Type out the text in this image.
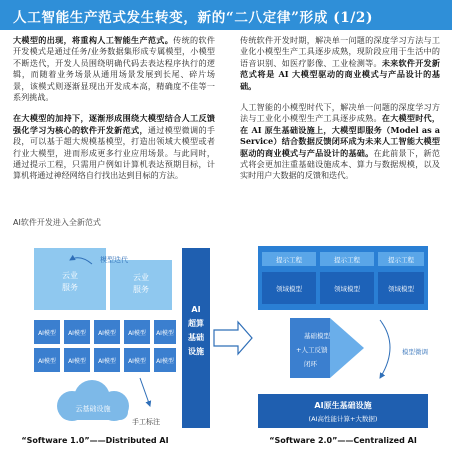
人工智能生产范式发生转变，新的“二八定律”形成 (1/2)

大模型的出现，将重构人工智能生产范式。传统的软件开发模式是通过任务/业务数据集形成专属模型，小模型不断迭代，开发人员围绕明确代码去表达程序执行的逻辑，而随着业务场景从通用场景发展到长尾、碎片场景，该模式则逐渐显现出开发成本高，精确度不佳等一系列挑战。

在大模型的加持下，逐渐形成围绕大模型结合人工反馈强化学习为核心的软件开发新范式，通过模型微调的手段，可以基于超大规模基模型，打造出领域大模型或者行业大模型，进而形成更多行业应用场景。与此同时，通过提示工程，只需用户例如计算机表达预期目标，计算机将通过神经网络自行找出达到目标的方法。

传统软件开发时期，解决单一问题的深度学习方法与工业化小模型生产工具逐步成熟，现阶段应用于生活中的语音识别、如医疗影像、工业检测等。未来软件开发新范式将是 AI 大模型驱动的商业模式与产品设计的基础。

人工智能的小模型时代下，解决单一问题的深度学习方法与工业化小模型生产工具逐步成熟。在大模型时代，在 AI 原生基础设施上，大模型即服务（Model as a Service）结合数据反馈闭环成为未来人工智能大模型驱动的商业模式与产品设计的基础。在此前景下，新范式将会更加注重基础设施成本、算力与数据规模，以及实时用户大数据的反馈和迭代。

AI软件开发进入全新范式
云业
服务
云业
服务
模型迭代
AI模型 AI模型 AI模型 AI模型 AI模型
AI模型 AI模型 AI模型 AI模型 AI模型
云基础设施
手工标注
“Software 1.0”——Distributed AI
AI
超算
基础
设施
AI超算基础设施
提示工程	提示工程	提示工程
领域模型	领域模型	领域模型
基础模型
+人工反馈
闭环
模型微调
AI原生基础设施
(AI高性能计算+大数据)
“Software 2.0”——Centralized AI
